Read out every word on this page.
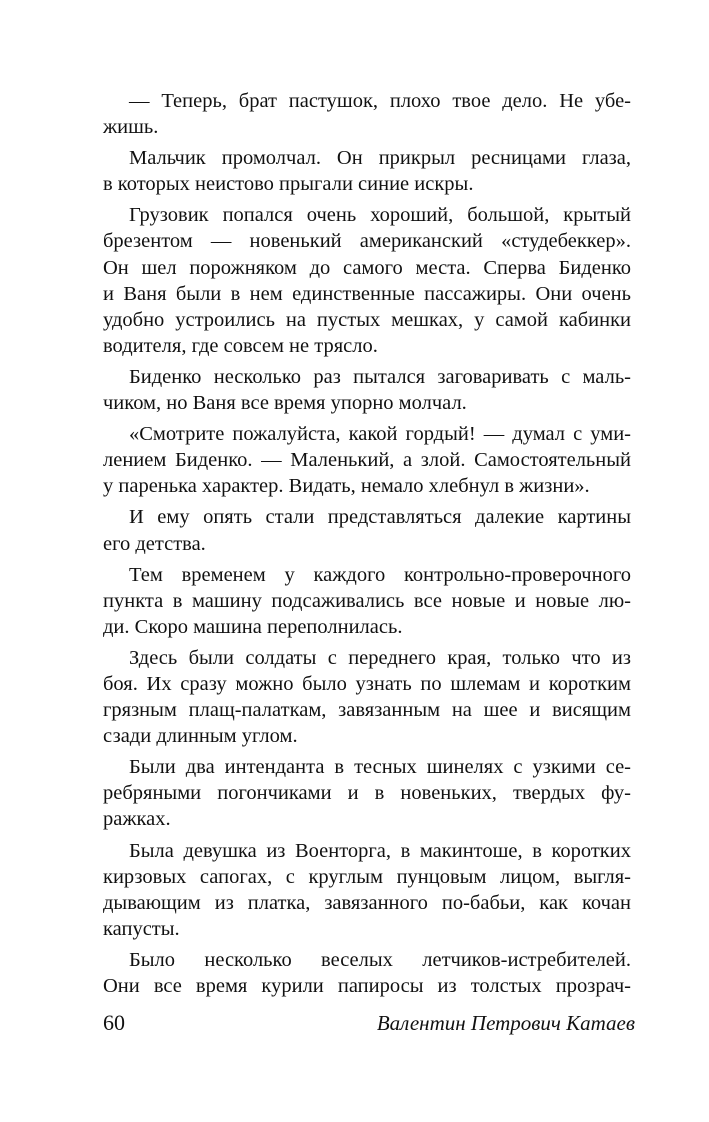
— Теперь, брат пастушок, плохо твое дело. Не убе-
жишь.
Мальчик промолчал. Он прикрыл ресницами глаза,
в которых неистово прыгали синие искры.
Грузовик попался очень хороший, большой, крытый
брезентом — новенький американский «студебеккер».
Он шел порожняком до самого места. Сперва Биденко
и Ваня были в нем единственные пассажиры. Они очень
удобно устроились на пустых мешках, у самой кабинки
водителя, где совсем не трясло.
Биденко несколько раз пытался заговаривать с маль-
чиком, но Ваня все время упорно молчал.
«Смотрите пожалуйста, какой гордый! — думал с уми-
лением Биденко. — Маленький, а злой. Самостоятельный
у паренька характер. Видать, немало хлебнул в жизни».
И ему опять стали представляться далекие картины
его детства.
Тем временем у каждого контрольно-проверочного
пункта в машину подсаживались все новые и новые лю-
ди. Скоро машина переполнилась.
Здесь были солдаты с переднего края, только что из
боя. Их сразу можно было узнать по шлемам и коротким
грязным плащ-палаткам, завязанным на шее и висящим
сзади длинным углом.
Были два интенданта в тесных шинелях с узкими се-
ребряными погончиками и в новеньких, твердых фу-
ражках.
Была девушка из Военторга, в макинтоше, в коротких
кирзовых сапогах, с круглым пунцовым лицом, выгля-
дывающим из платка, завязанного по-бабьи, как кочан
капусты.
Было несколько веселых летчиков-истребителей.
Они все время курили папиросы из толстых прозрач-
60	Валентин Петрович Катаев
